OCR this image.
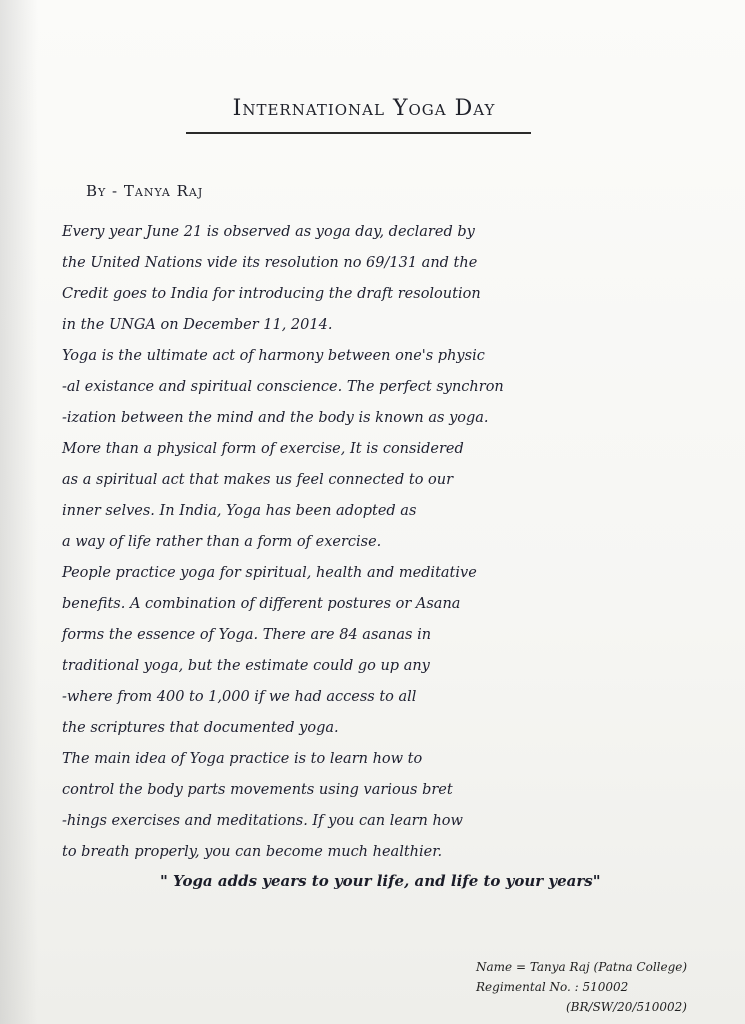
International Yoga Day
By - Tanya Raj
Every year June 21 is observed as yoga day, declared by
the United Nations vide its resolution no 69/131 and the
Credit goes to India for introducing the draft resoloution
in the UNGA on December 11, 2014.
Yoga is the ultimate act of harmony between one's physic
-al existance and spiritual conscience. The perfect synchron
-ization between the mind and the body is known as yoga.
More than a physical form of exercise, It is considered
as a spiritual act that makes us feel connected to our
inner selves. In India, Yoga has been adopted as
a way of life rather than a form of exercise.
People practice yoga for spiritual, health and meditative
benefits. A combination of different postures or Asana
forms the essence of Yoga. There are 84 asanas in
traditional yoga, but the estimate could go up any
-where from 400 to 1,000 if we had access to all
the scriptures that documented yoga.
The main idea of Yoga practice is to learn how to
control the body parts movements using various bret
-hings exercises and meditations. If you can learn how
to breath properly, you can become much healthier.
" Yoga adds years to your life, and life to your years"
Name = Tanya Raj (Patna College)
Regimental No. : 510002
(BR/SW/20/510002)
